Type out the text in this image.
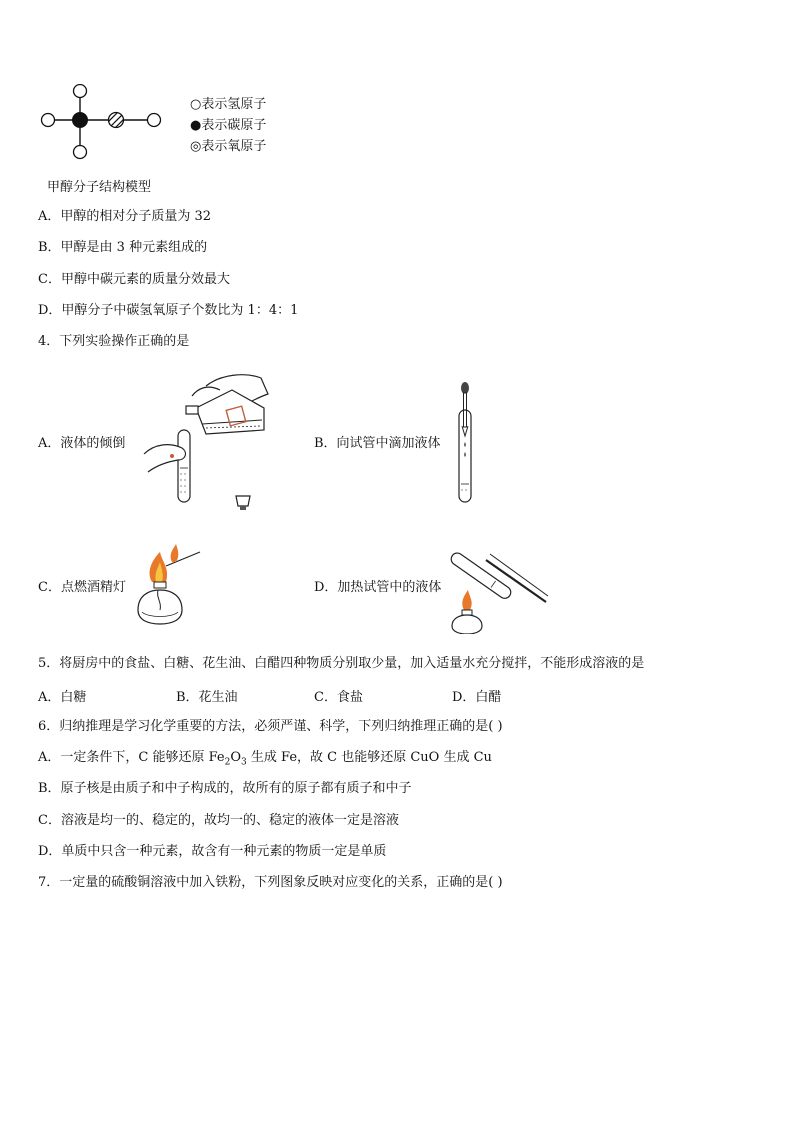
○表示氢原子
●表示碳原子
◎表示氧原子
甲醇分子结构模型
A．甲醇的相对分子质量为 32
B．甲醇是由 3 种元素组成的
C．甲醇中碳元素的质量分效最大
D．甲醇分子中碳氢氧原子个数比为 1：4：1
4．下列实验操作正确的是
A．液体的倾倒	B．向试管中滴加液体
C．点燃酒精灯	D．加热试管中的液体
5．将厨房中的食盐、白糖、花生油、白醋四种物质分别取少量，加入适量水充分搅拌，不能形成溶液的是
A．白糖	B．花生油	C．食盐	D．白醋
6．归纳推理是学习化学重要的方法，必须严谨、科学，下列归纳推理正确的是( )
A．一定条件下，C 能够还原 $Fe_2O_3$ 生成 Fe，故 C 也能够还原 CuO 生成 Cu
B．原子核是由质子和中子构成的，故所有的原子都有质子和中子
C．溶液是均一的、稳定的，故均一的、稳定的液体一定是溶液
D．单质中只含一种元素，故含有一种元素的物质一定是单质
7．一定量的硫酸铜溶液中加入铁粉，下列图象反映对应变化的关系，正确的是( )
